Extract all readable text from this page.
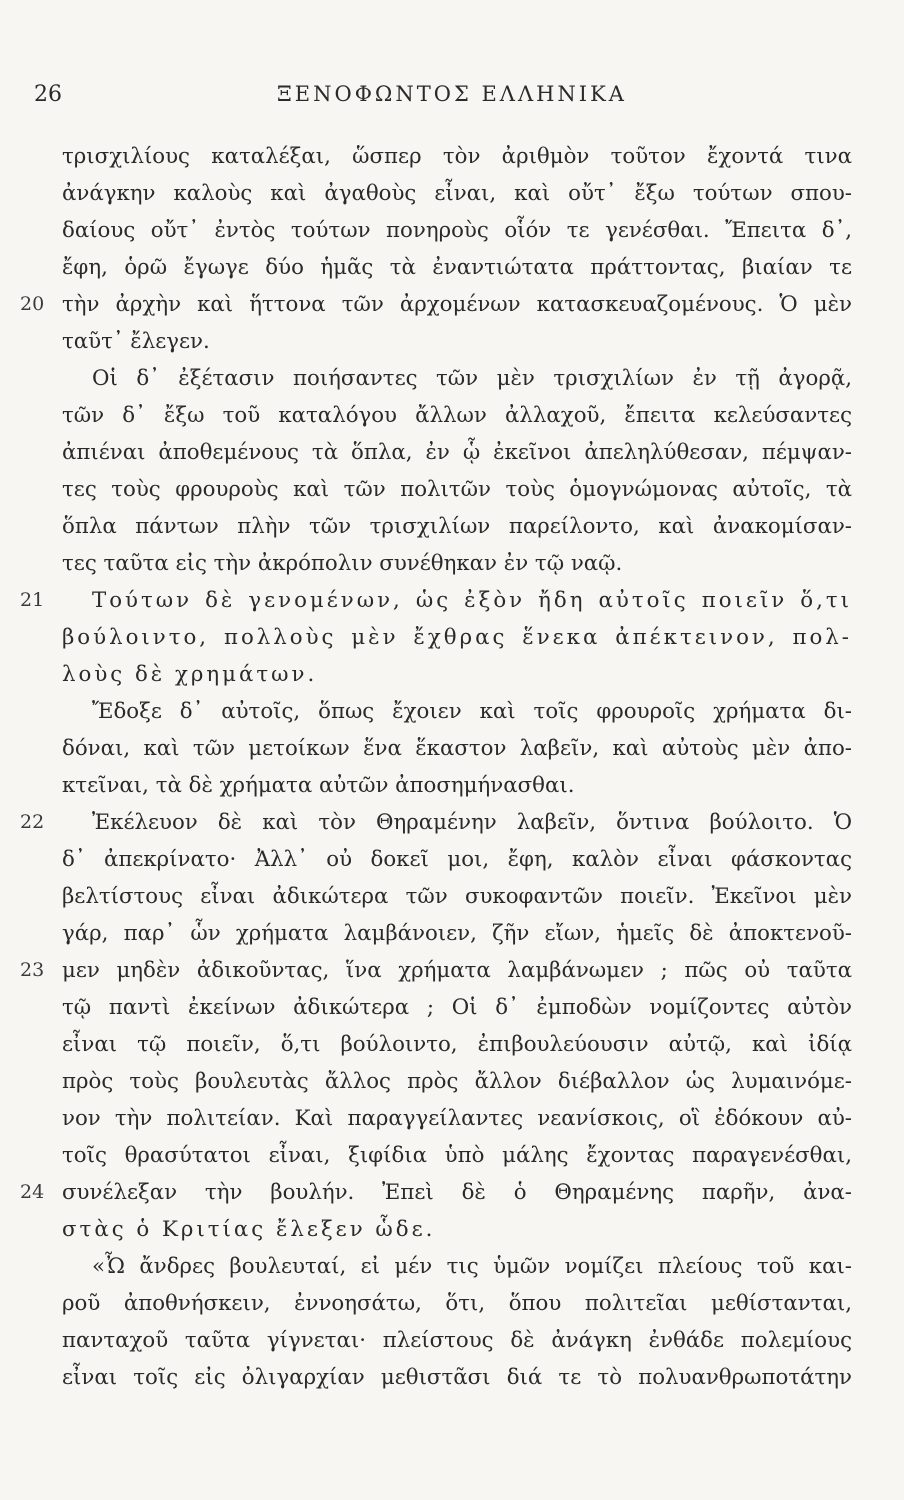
26	ΞΕΝΟΦΩΝΤΟΣ ΕΛΛΗΝΙΚΑ
τρισχιλίους καταλέξαι, ὥσπερ τὸν ἀριθμὸν τοῦτον ἔχοντά τινα
ἀνάγκην καλοὺς καὶ ἀγαθοὺς εἶναι, καὶ οὔτ᾽ ἔξω τούτων σπου-
δαίους οὔτ᾽ ἐντὸς τούτων πονηροὺς οἷόν τε γενέσθαι. Ἔπειτα δ᾽,
ἔφη, ὁρῶ ἔγωγε δύο ἡμᾶς τὰ ἐναντιώτατα πράττοντας, βιαίαν τε
20 τὴν ἀρχὴν καὶ ἥττονα τῶν ἀρχομένων κατασκευαζομένους. Ὁ μὲν
ταῦτ᾽ ἔλεγεν.
Οἱ δ᾽ ἐξέτασιν ποιήσαντες τῶν μὲν τρισχιλίων ἐν τῇ ἀγορᾷ,
τῶν δ᾽ ἔξω τοῦ καταλόγου ἄλλων ἀλλαχοῦ, ἔπειτα κελεύσαντες
ἀπιέναι ἀποθεμένους τὰ ὅπλα, ἐν ᾧ ἐκεῖνοι ἀπεληλύθεσαν, πέμψαν-
τες τοὺς φρουροὺς καὶ τῶν πολιτῶν τοὺς ὁμογνώμονας αὐτοῖς, τὰ
ὅπλα πάντων πλὴν τῶν τρισχιλίων παρείλοντο, καὶ ἀνακομίσαν-
τες ταῦτα εἰς τὴν ἀκρόπολιν συνέθηκαν ἐν τῷ ναῷ.
21	Τούτων δὲ γενομένων, ὡς ἐξὸν ἤδη αὐτοῖς ποιεῖν ὅ,τι
βούλοιντο, πολλοὺς μὲν ἔχθρας ἕνεκα ἀπέκτεινον, πολ-
λοὺς δὲ χρημάτων.
Ἔδοξε δ᾽ αὐτοῖς, ὅπως ἔχοιεν καὶ τοῖς φρουροῖς χρήματα δι-
δόναι, καὶ τῶν μετοίκων ἕνα ἕκαστον λαβεῖν, καὶ αὐτοὺς μὲν ἀπο-
κτεῖναι, τὰ δὲ χρήματα αὐτῶν ἀποσημήνασθαι.
22	Ἐκέλευον δὲ καὶ τὸν Θηραμένην λαβεῖν, ὅντινα βούλοιτο. Ὁ
δ᾽ ἀπεκρίνατο· Ἀλλ᾽ οὐ δοκεῖ μοι, ἔφη, καλὸν εἶναι φάσκοντας
βελτίστους εἶναι ἀδικώτερα τῶν συκοφαντῶν ποιεῖν. Ἐκεῖνοι μὲν
γάρ, παρ᾽ ὧν χρήματα λαμβάνοιεν, ζῆν εἴων, ἡμεῖς δὲ ἀποκτενοῦ-
23 μεν μηδὲν ἀδικοῦντας, ἵνα χρήματα λαμβάνωμεν ; πῶς οὐ ταῦτα
τῷ παντὶ ἐκείνων ἀδικώτερα ; Οἱ δ᾽ ἐμποδὼν νομίζοντες αὐτὸν
εἶναι τῷ ποιεῖν, ὅ,τι βούλοιντο, ἐπιβουλεύουσιν αὐτῷ, καὶ ἰδίᾳ
πρὸς τοὺς βουλευτὰς ἄλλος πρὸς ἄλλον διέβαλλον ὡς λυμαινόμε-
νον τὴν πολιτείαν. Καὶ παραγγείλαντες νεανίσκοις, οἳ ἐδόκουν αὐ-
τοῖς θρασύτατοι εἶναι, ξιφίδια ὑπὸ μάλης ἔχοντας παραγενέσθαι,
24 συνέλεξαν τὴν βουλήν. Ἐπεὶ δὲ ὁ Θηραμένης παρῆν, ἀνα-
στὰς ὁ Κριτίας ἔλεξεν ὧδε.
«Ὦ ἄνδρες βουλευταί, εἰ μέν τις ὑμῶν νομίζει πλείους τοῦ και-
ροῦ ἀποθνήσκειν, ἐννοησάτω, ὅτι, ὅπου πολιτεῖαι μεθίστανται,
πανταχοῦ ταῦτα γίγνεται· πλείστους δὲ ἀνάγκη ἐνθάδε πολεμίους
εἶναι τοῖς εἰς ὀλιγαρχίαν μεθιστᾶσι διά τε τὸ πολυανθρωποτάτην
